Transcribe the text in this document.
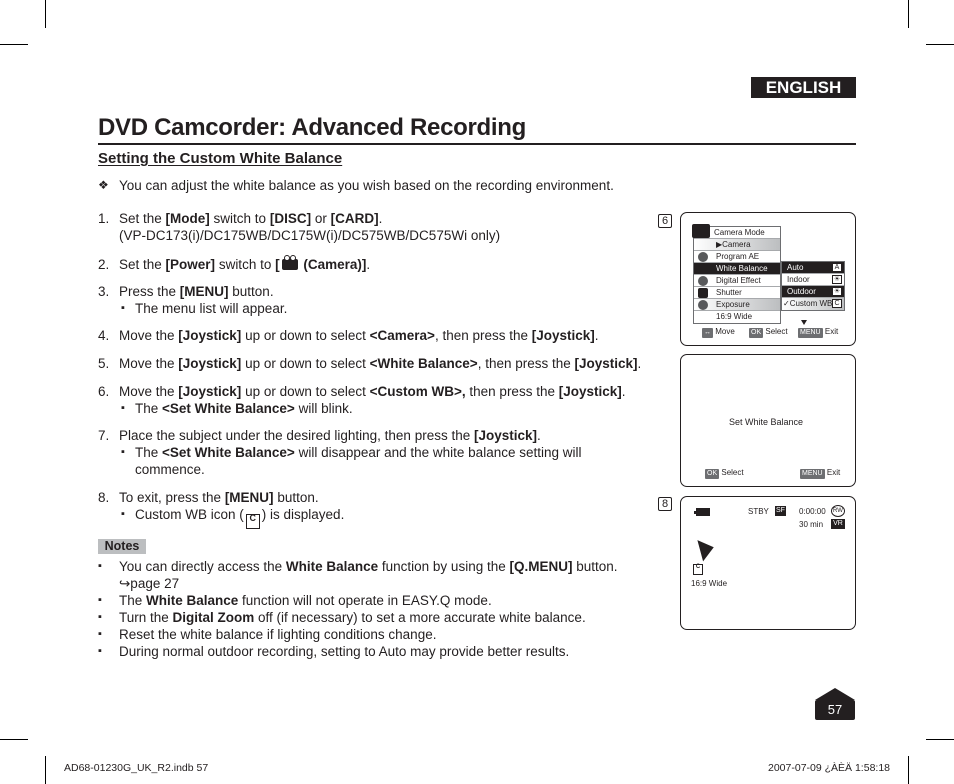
ENGLISH
DVD Camcorder: Advanced Recording
Setting the Custom White Balance
❖ You can adjust the white balance as you wish based on the recording environment.
1. Set the [Mode] switch to [DISC] or [CARD].
(VP-DC173(i)/DC175WB/DC175W(i)/DC575WB/DC575Wi only)
2. Set the [Power] switch to [ (Camera)].
3. Press the [MENU] button.
▪ The menu list will appear.
4. Move the [Joystick] up or down to select <Camera>, then press the [Joystick].
5. Move the [Joystick] up or down to select <White Balance>, then press the [Joystick].
6. Move the [Joystick] up or down to select <Custom WB>, then press the [Joystick].
▪ The <Set White Balance> will blink.
7. Place the subject under the desired lighting, then press the [Joystick].
▪ The <Set White Balance> will disappear and the white balance setting will commence.
8. To exit, press the [MENU] button.
▪ Custom WB icon ( C ) is displayed.
Notes
▪ You can directly access the White Balance function by using the [Q.MENU] button.
↪page 27
▪ The White Balance function will not operate in EASY.Q mode.
▪ Turn the Digital Zoom off (if necessary) to set a more accurate white balance.
▪ Reset the white balance if lighting conditions change.
▪ During normal outdoor recording, setting to Auto may provide better results.
6
Camera Mode
▶Camera
Program AE
White Balance
Digital Effect
Shutter
Exposure
16:9 Wide
Auto	A
Indoor	☀
Outdoor	☀
✓Custom WB C
↔ Move OK Select MENU Exit
Set White Balance
OK Select	MENU Exit
8
STBY SF 0:00:00	RW
30 min	VR
C
16:9 Wide
57
AD68-01230G_UK_R2.indb 57	2007-07-09 ¿ÀÈÄ 1:58:18
